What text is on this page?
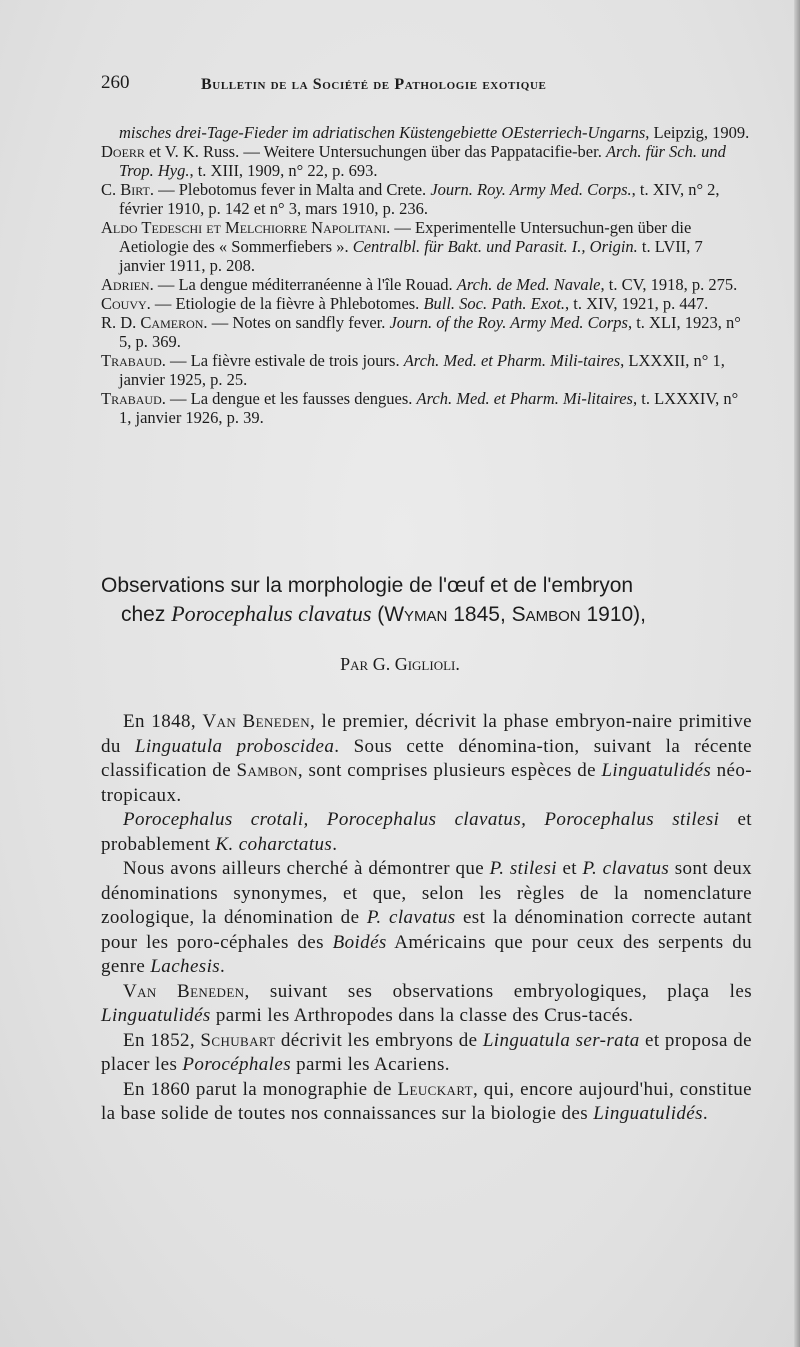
260	Bulletin de la Société de Pathologie exotique

misches drei-Tage-Fieder im adriatischen Küstengebiette OEsterriech-Ungarns, Leipzig, 1909.

Doerr et V. K. Russ. — Weitere Untersuchungen über das Pappatacifie-ber. Arch. für Sch. und Trop. Hyg., t. XIII, 1909, n° 22, p. 693.

C. Birt. — Plebotomus fever in Malta and Crete. Journ. Roy. Army Med. Corps., t. XIV, n° 2, février 1910, p. 142 et n° 3, mars 1910, p. 236.

Aldo Tedeschi et Melchiorre Napolitani. — Experimentelle Untersuchun-gen über die Aetiologie des « Sommerfiebers ». Centralbl. für Bakt. und Parasit. I., Origin. t. LVII, 7 janvier 1911, p. 208.

Adrien. — La dengue méditerranéenne à l'île Rouad. Arch. de Med. Navale, t. CV, 1918, p. 275.

Couvy. — Etiologie de la fièvre à Phlebotomes. Bull. Soc. Path. Exot., t. XIV, 1921, p. 447.

R. D. Cameron. — Notes on sandfly fever. Journ. of the Roy. Army Med. Corps, t. XLI, 1923, n° 5, p. 369.

Trabaud. — La fièvre estivale de trois jours. Arch. Med. et Pharm. Mili-taires, LXXXII, n° 1, janvier 1925, p. 25.

Trabaud. — La dengue et les fausses dengues. Arch. Med. et Pharm. Mi-litaires, t. LXXXIV, n° 1, janvier 1926, p. 39.

Observations sur la morphologie de l'œuf et de l'embryon

chez Porocephalus clavatus (Wyman 1845, Sambon 1910),

Par G. Giglioli.

En 1848, Van Beneden, le premier, décrivit la phase embryon-naire primitive du Linguatula proboscidea. Sous cette dénomina-tion, suivant la récente classification de Sambon, sont comprises plusieurs espèces de Linguatulidés néo-tropicaux.

Porocephalus crotali, Porocephalus clavatus, Porocephalus stilesi et probablement K. coharctatus.

Nous avons ailleurs cherché à démontrer que P. stilesi et P. clavatus sont deux dénominations synonymes, et que, selon les règles de la nomenclature zoologique, la dénomination de P. clavatus est la dénomination correcte autant pour les poro-céphales des Boidés Américains que pour ceux des serpents du genre Lachesis.

Van Beneden, suivant ses observations embryologiques, plaça les Linguatulidés parmi les Arthropodes dans la classe des Crus-tacés.

En 1852, Schubart décrivit les embryons de Linguatula ser-rata et proposa de placer les Porocéphales parmi les Acariens.

En 1860 parut la monographie de Leuckart, qui, encore aujourd'hui, constitue la base solide de toutes nos connaissances sur la biologie des Linguatulidés.
